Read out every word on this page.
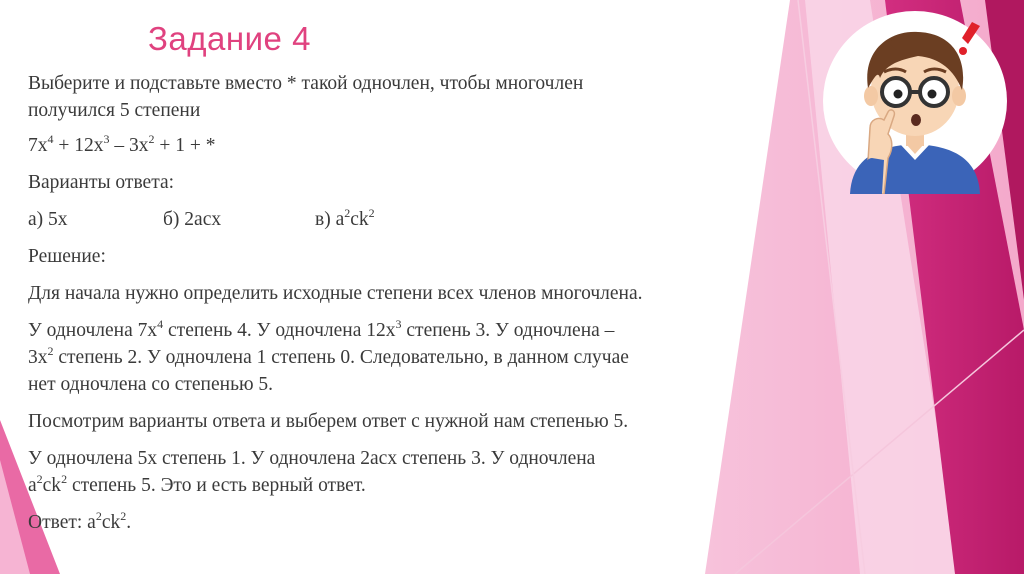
Задание 4

Выберите и подставьте вместо * такой одночлен, чтобы многочлен
получился 5 степени

$7x^4 + 12x^3 - 3x^2 + 1$ + *

Варианты ответа:

а) 5x	б) 2acx	в) $a^2ck^2$

Решение:

Для начала нужно определить исходные степени всех членов многочлена.

У одночлена $7x^4$ степень 4. У одночлена $12x^3$ степень 3. У одночлена –
$3x^2$ степень 2. У одночлена 1 степень 0. Следовательно, в данном случае
нет одночлена со степенью 5.

Посмотрим варианты ответа и выберем ответ с нужной нам степенью 5.

У одночлена 5x степень 1. У одночлена 2acx степень 3. У одночлена
$a^2ck^2$ степень 5. Это и есть верный ответ.

Ответ: $a^2ck^2$.
